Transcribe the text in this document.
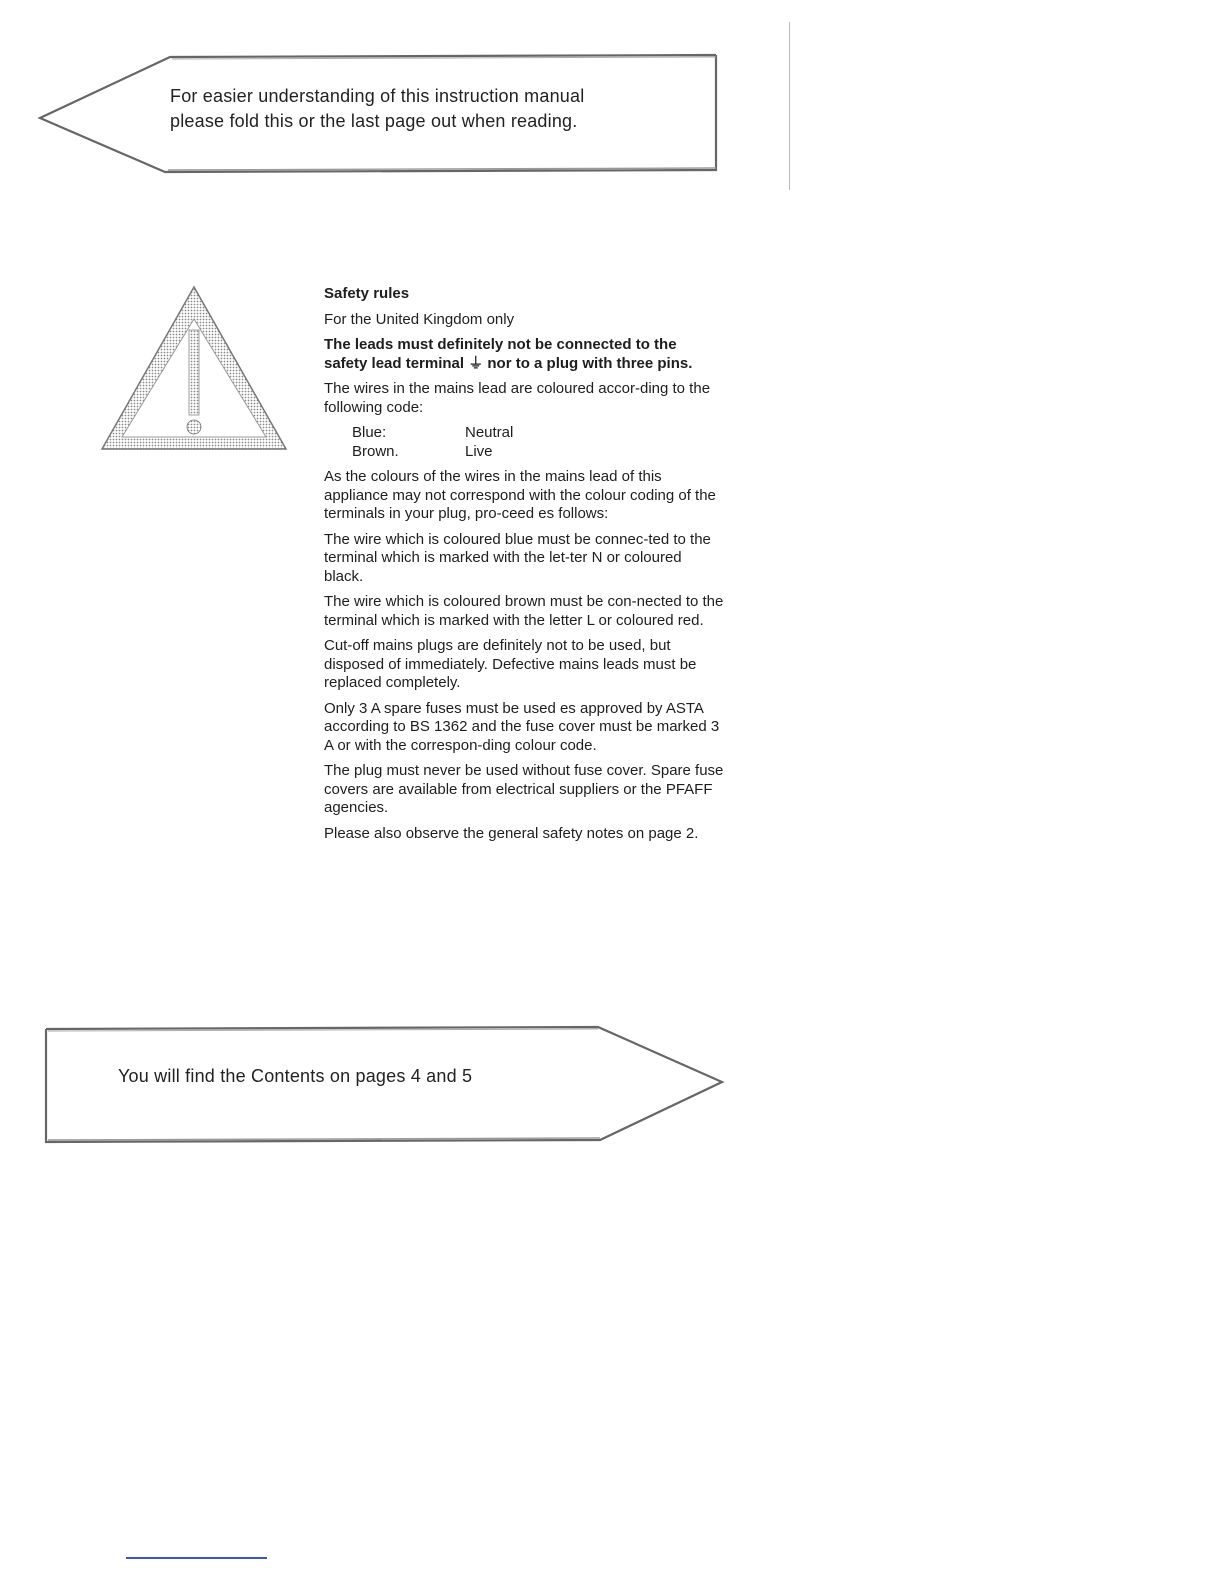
For easier understanding of this instruction manual
please fold this or the last page out when reading.
You will find the Contents on pages 4 and 5

Safety rules

For the United Kingdom only

The leads must definitely not be connected to the safety lead terminal ⏚ nor to a plug with three pins.

The wires in the mains lead are coloured accor-ding to the following code:

Blue:	Neutral
Brown.	Live

As the colours of the wires in the mains lead of this appliance may not correspond with the colour coding of the terminals in your plug, pro-ceed es follows:

The wire which is coloured blue must be connec-ted to the terminal which is marked with the let-ter N or coloured black.

The wire which is coloured brown must be con-nected to the terminal which is marked with the letter L or coloured red.

Cut-off mains plugs are definitely not to be used, but disposed of immediately. Defective mains leads must be replaced completely.

Only 3 A spare fuses must be used es approved by ASTA according to BS 1362 and the fuse cover must be marked 3 A or with the correspon-ding colour code.

The plug must never be used without fuse cover. Spare fuse covers are available from electrical suppliers or the PFAFF agencies.

Please also observe the general safety notes on page 2.
